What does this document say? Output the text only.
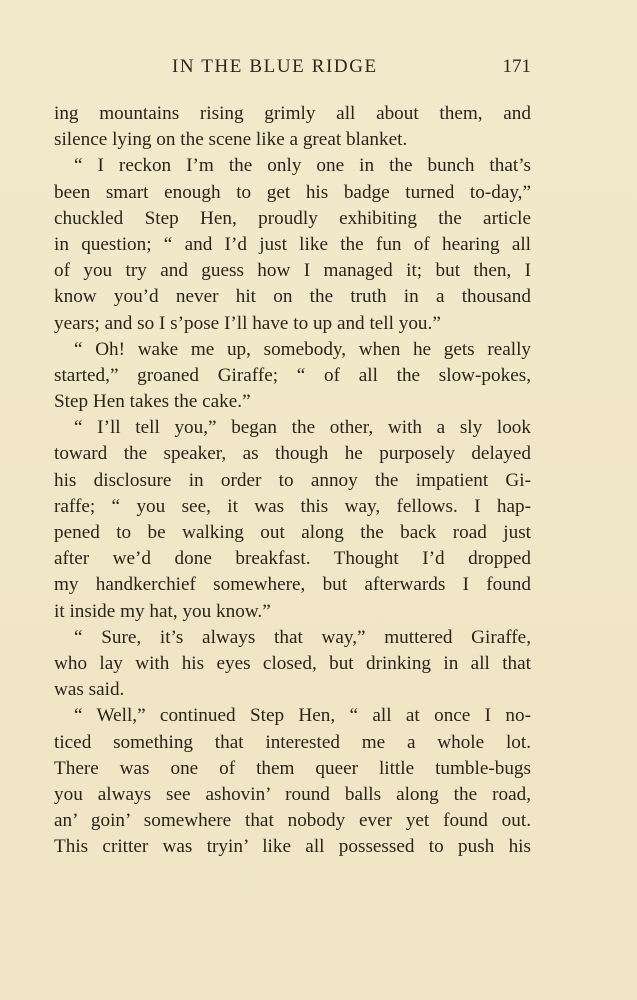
IN THE BLUE RIDGE	171
ing mountains rising grimly all about them, and
silence lying on the scene like a great blanket.
“ I reckon I’m the only one in the bunch that’s
been smart enough to get his badge turned to-day,”
chuckled Step Hen, proudly exhibiting the article
in question; “ and I’d just like the fun of hearing all
of you try and guess how I managed it; but then, I
know you’d never hit on the truth in a thousand
years; and so I s’pose I’ll have to up and tell you.”
“ Oh! wake me up, somebody, when he gets really
started,” groaned Giraffe; “ of all the slow-pokes,
Step Hen takes the cake.”
“ I’ll tell you,” began the other, with a sly look
toward the speaker, as though he purposely delayed
his disclosure in order to annoy the impatient Gi-
raffe; “ you see, it was this way, fellows. I hap-
pened to be walking out along the back road just
after we’d done breakfast. Thought I’d dropped
my handkerchief somewhere, but afterwards I found
it inside my hat, you know.”
“ Sure, it’s always that way,” muttered Giraffe,
who lay with his eyes closed, but drinking in all that
was said.
“ Well,” continued Step Hen, “ all at once I no-
ticed something that interested me a whole lot.
There was one of them queer little tumble-bugs
you always see ashovin’ round balls along the road,
an’ goin’ somewhere that nobody ever yet found out.
This critter was tryin’ like all possessed to push his
